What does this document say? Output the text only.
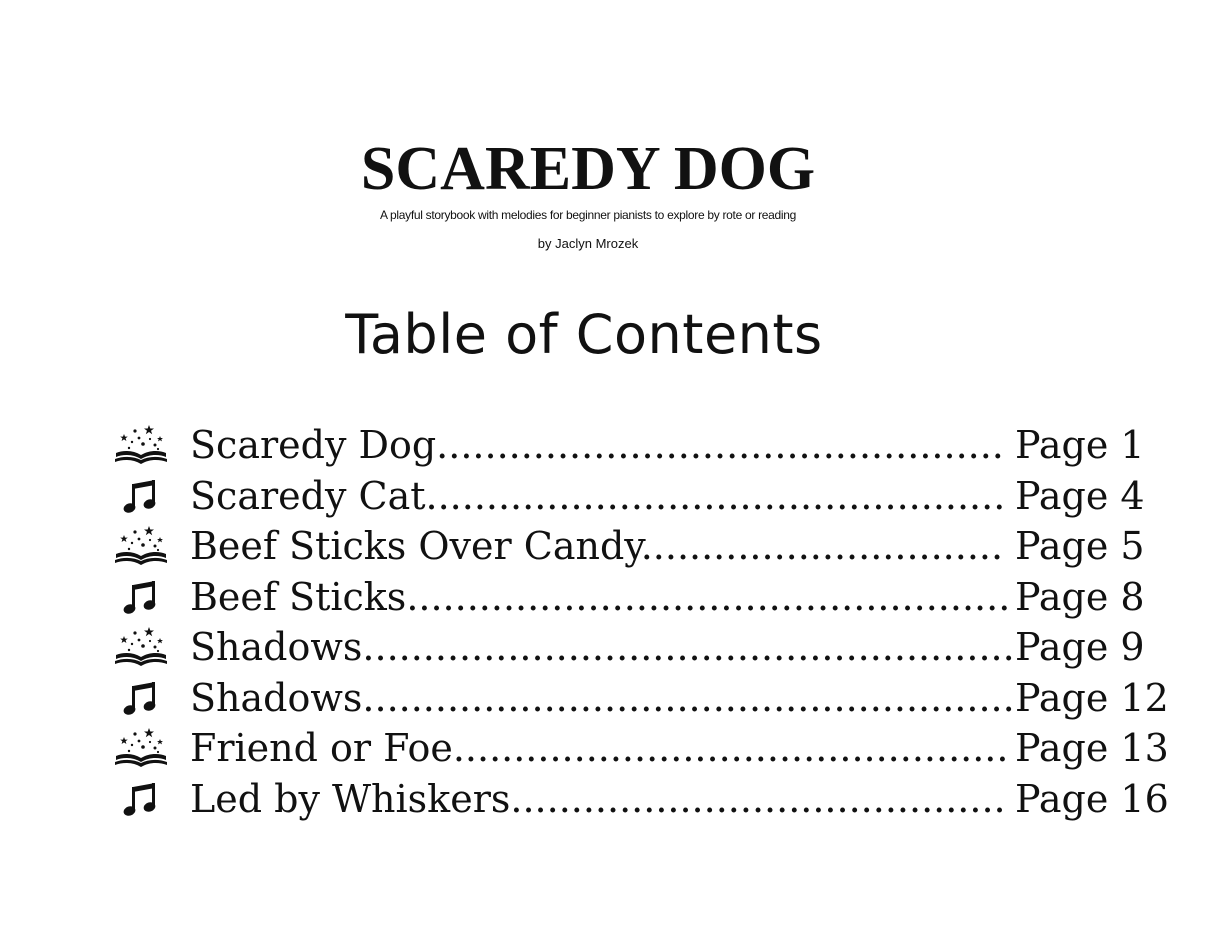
SCAREDY DOG
A playful storybook with melodies for beginner pianists to explore by rote or reading
by Jaclyn Mrozek
Table of Contents
Scaredy Dog............................................... Page 1
Scaredy Cat................................................ Page 4
Beef Sticks Over Candy.............................. Page 5
Beef Sticks.................................................. Page 8
Shadows......................................................Page 9
Shadows......................................................Page 12
Friend or Foe.............................................. Page 13
Led by Whiskers......................................... Page 16
